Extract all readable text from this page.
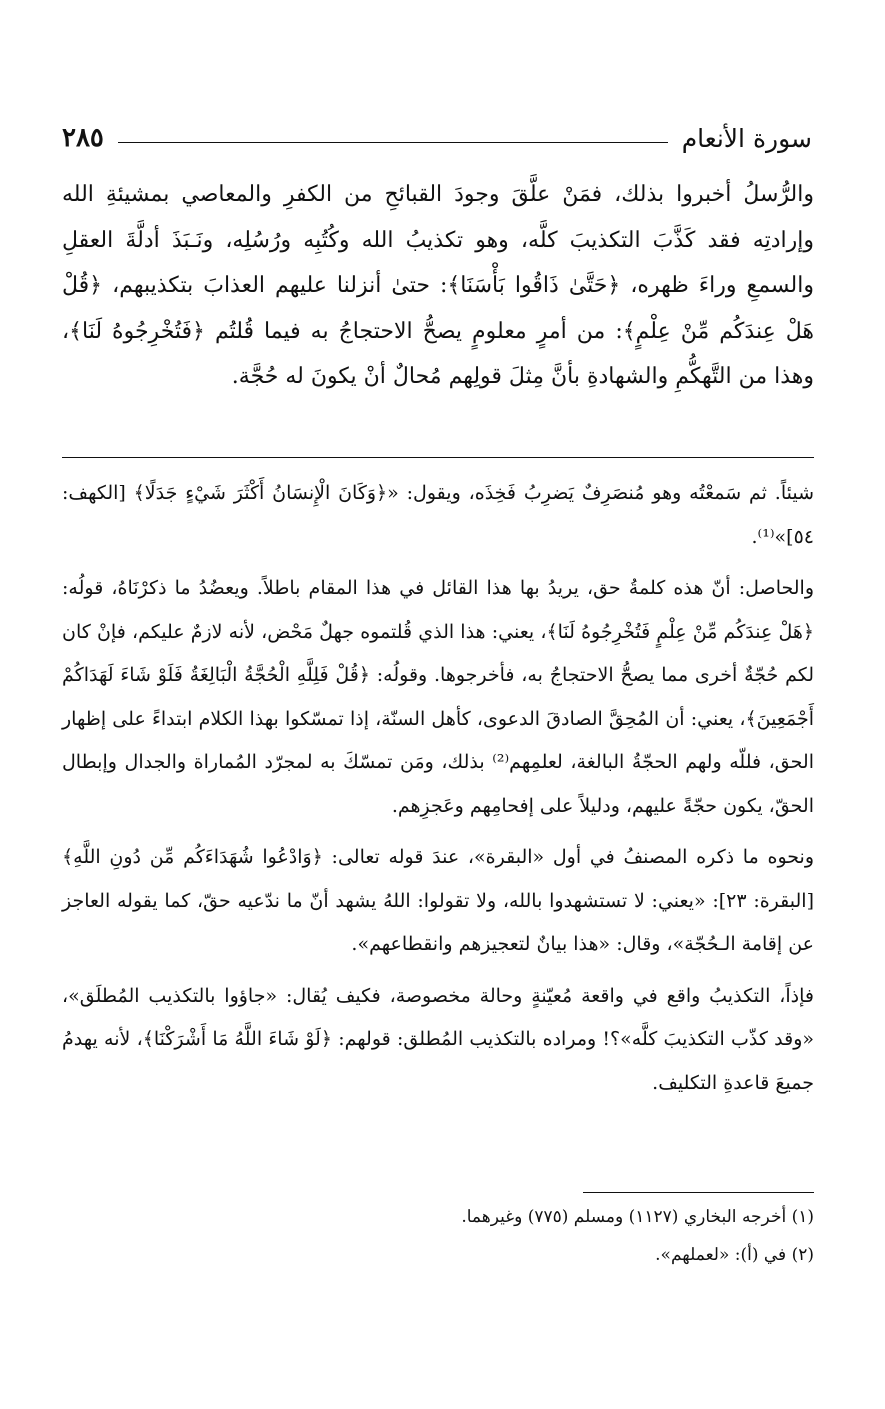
سورة الأنعام
٢٨٥

والرُّسلُ أخبروا بذلك، فمَنْ علَّقَ وجودَ القبائحِ من الكفرِ والمعاصي بمشيئةِ الله وإرادتِه فقد كَذَّبَ التكذيبَ كلَّه، وهو تكذيبُ الله وكُتُبِه ورُسُلِه، ونَـبَذَ أدلَّةَ العقلِ والسمعِ وراءَ ظهره، ﴿حَتَّىٰ ذَاقُوا بَأْسَنَا﴾: حتىٰ أنزلنا عليهم العذابَ بتكذيبهم، ﴿قُلْ هَلْ عِندَكُم مِّنْ عِلْمٍ﴾: من أمرٍ معلومٍ يصحُّ الاحتجاجُ به فيما قُلتُم ﴿فَتُخْرِجُوهُ لَنَا﴾، وهذا من التَّهكُّمِ والشهادةِ بأنَّ مِثلَ قولِهم مُحالٌ أنْ يكونَ له حُجَّة.

شيئاً. ثم سَمعْتُه وهو مُنصَرِفٌ يَضرِبُ فَخِذَه، ويقول: «﴿وَكَانَ الْإِنسَانُ أَكْثَرَ شَيْءٍ جَدَلًا﴾ [الكهف: ٥٤]»⁽¹⁾.

والحاصل: أنّ هذه كلمةُ حق، يريدُ بها هذا القائل في هذا المقام باطلاً. ويعضُدُ ما ذكرْنَاهُ، قولُه: ﴿هَلْ عِندَكُم مِّنْ عِلْمٍ فَتُخْرِجُوهُ لَنَا﴾، يعني: هذا الذي قُلتموه جهلٌ مَحْض، لأنه لازمٌ عليكم، فإنْ كان لكم حُجّةٌ أخرى مما يصحُّ الاحتجاجُ به، فأخرجوها. وقولُه: ﴿قُلْ فَلِلَّهِ الْحُجَّةُ الْبَالِغَةُ فَلَوْ شَاءَ لَهَدَاكُمْ أَجْمَعِينَ﴾، يعني: أن المُحِقَّ الصادقَ الدعوى، كأهل السنّة، إذا تمسّكوا بهذا الكلام ابتداءً على إظهار الحق، فللّه ولهم الحجّةُ البالغة، لعلمِهم⁽²⁾ بذلك، ومَن تمسّكَ به لمجرّد المُماراة والجدال وإبطال الحقّ، يكون حجّةً عليهم، ودليلاً على إفحامِهم وعَجزِهم.

ونحوه ما ذكره المصنفُ في أول «البقرة»، عندَ قوله تعالى: ﴿وَادْعُوا شُهَدَاءَكُم مِّن دُونِ اللَّهِ﴾ [البقرة: ٢٣]: «يعني: لا تستشهدوا بالله، ولا تقولوا: اللهُ يشهد أنّ ما ندّعيه حقّ، كما يقوله العاجز عن إقامة الـحُجّة»، وقال: «هذا بيانٌ لتعجيزهم وانقطاعهم».

فإذاً، التكذيبُ واقع في واقعة مُعيّنةٍ وحالة مخصوصة، فكيف يُقال: «جاؤوا بالتكذيب المُطلَق»، «وقد كذّب التكذيبَ كلَّه»؟! ومراده بالتكذيب المُطلق: قولهم: ﴿لَوْ شَاءَ اللَّهُ مَا أَشْرَكْنَا﴾، لأنه يهدمُ جميعَ قاعدةِ التكليف.

(١) أخرجه البخاري (١١٢٧) ومسلم (٧٧٥) وغيرهما.

(٢) في (أ): «لعملهم».
